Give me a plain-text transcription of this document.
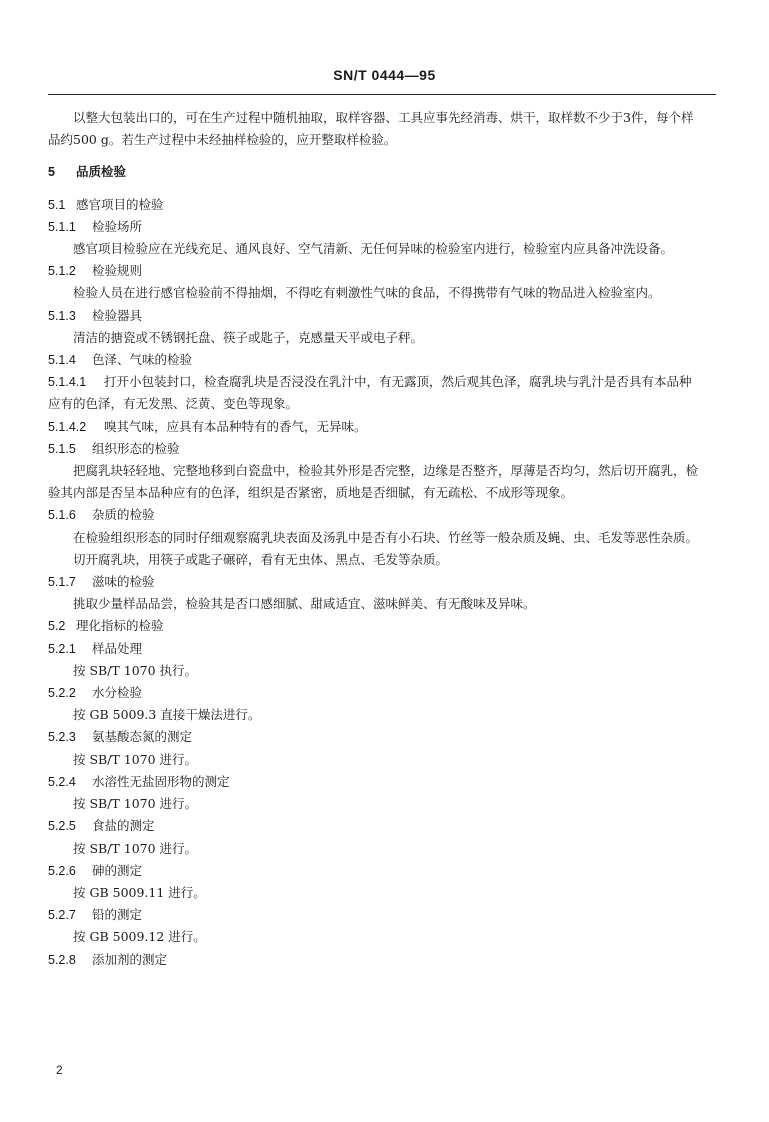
SN/T 0444—95

以整大包装出口的，可在生产过程中随机抽取，取样容器、工具应事先经消毒、烘干，取样数不少于3件，每个样品约500 g。若生产过程中未经抽样检验的，应开整取样检验。

5 品质检验

5.1 感官项目的检验

5.1.1 检验场所

感官项目检验应在光线充足、通风良好、空气清新、无任何异味的检验室内进行，检验室内应具备冲洗设备。

5.1.2 检验规则

检验人员在进行感官检验前不得抽烟，不得吃有刺激性气味的食品，不得携带有气味的物品进入检验室内。

5.1.3 检验器具

清洁的搪瓷或不锈钢托盘、筷子或匙子，克感量天平或电子秤。

5.1.4 色泽、气味的检验

5.1.4.1 打开小包装封口，检查腐乳块是否浸没在乳汁中，有无露顶，然后观其色泽，腐乳块与乳汁是否具有本品种应有的色泽，有无发黑、泛黄、变色等现象。

5.1.4.2 嗅其气味，应具有本品种特有的香气，无异味。

5.1.5 组织形态的检验

把腐乳块轻轻地、完整地移到白瓷盘中，检验其外形是否完整，边缘是否整齐，厚薄是否均匀，然后切开腐乳，检验其内部是否呈本品种应有的色泽，组织是否紧密，质地是否细腻，有无疏松、不成形等现象。

5.1.6 杂质的检验

在检验组织形态的同时仔细观察腐乳块表面及汤乳中是否有小石块、竹丝等一般杂质及蝇、虫、毛发等恶性杂质。

切开腐乳块，用筷子或匙子碾碎，看有无虫体、黑点、毛发等杂质。

5.1.7 滋味的检验

挑取少量样品品尝，检验其是否口感细腻、甜咸适宜、滋味鲜美、有无酸味及异味。

5.2 理化指标的检验

5.2.1 样品处理

按 SB/T 1070 执行。

5.2.2 水分检验

按 GB 5009.3 直接干燥法进行。

5.2.3 氨基酸态氮的测定

按 SB/T 1070 进行。

5.2.4 水溶性无盐固形物的测定

按 SB/T 1070 进行。

5.2.5 食盐的测定

按 SB/T 1070 进行。

5.2.6 砷的测定

按 GB 5009.11 进行。

5.2.7 铅的测定

按 GB 5009.12 进行。

5.2.8 添加剂的测定

2
